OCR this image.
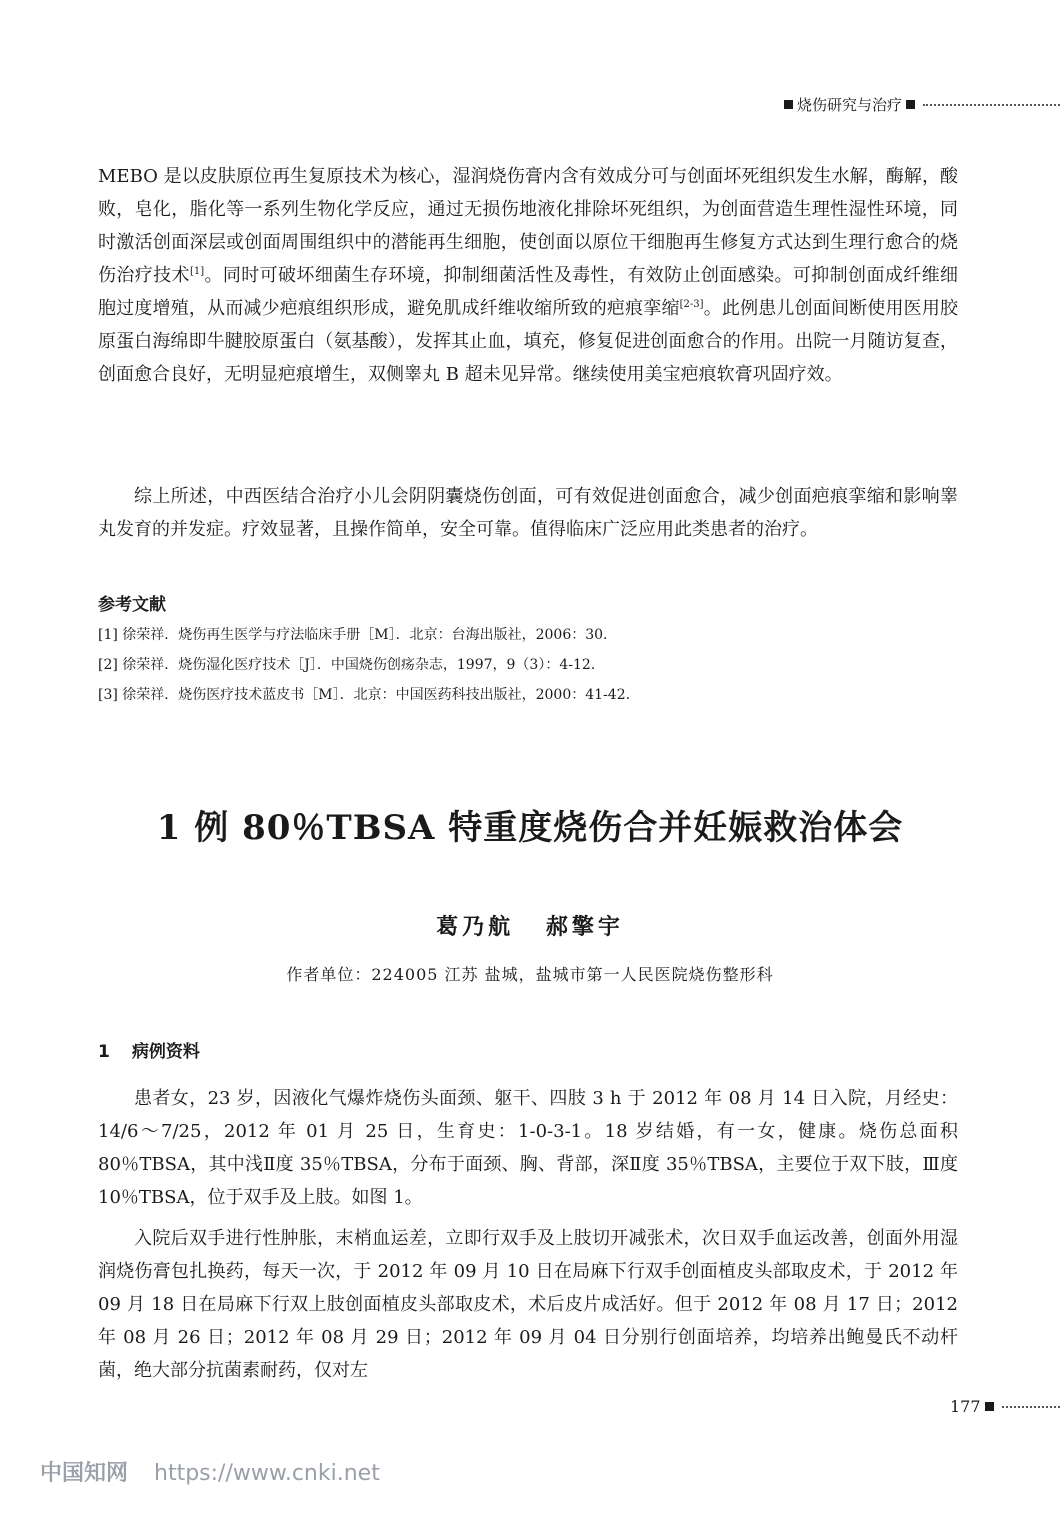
烧伤研究与治疗

MEBO 是以皮肤原位再生复原技术为核心，湿润烧伤膏内含有效成分可与创面坏死组织发生水解，酶解，酸败，皂化，脂化等一系列生物化学反应，通过无损伤地液化排除坏死组织，为创面营造生理性湿性环境，同时激活创面深层或创面周围组织中的潜能再生细胞，使创面以原位干细胞再生修复方式达到生理行愈合的烧伤治疗技术[1]。同时可破坏细菌生存环境，抑制细菌活性及毒性，有效防止创面感染。可抑制创面成纤维细胞过度增殖，从而减少疤痕组织形成，避免肌成纤维收缩所致的疤痕挛缩[2-3]。此例患儿创面间断使用医用胶原蛋白海绵即牛腱胶原蛋白（氨基酸），发挥其止血，填充，修复促进创面愈合的作用。出院一月随访复查，创面愈合良好，无明显疤痕增生，双侧睾丸 B 超未见异常。继续使用美宝疤痕软膏巩固疗效。

综上所述，中西医结合治疗小儿会阴阴囊烧伤创面，可有效促进创面愈合，减少创面疤痕挛缩和影响睾丸发育的并发症。疗效显著，且操作简单，安全可靠。值得临床广泛应用此类患者的治疗。

参考文献
[1] 徐荣祥．烧伤再生医学与疗法临床手册［M］．北京：台海出版社，2006：30.
[2] 徐荣祥．烧伤湿化医疗技术［J］．中国烧伤创疡杂志，1997，9（3）：4-12.
[3] 徐荣祥．烧伤医疗技术蓝皮书［M］．北京：中国医药科技出版社，2000：41-42.
1 例 80％TBSA 特重度烧伤合并妊娠救治体会
葛乃航 郝擎宇
作者单位：224005 江苏 盐城，盐城市第一人民医院烧伤整形科
1 病例资料

患者女，23 岁，因液化气爆炸烧伤头面颈、躯干、四肢 3 h 于 2012 年 08 月 14 日入院，月经史：14/6～7/25，2012 年 01 月 25 日，生育史：1-0-3-1。18 岁结婚，有一女，健康。烧伤总面积 80％TBSA，其中浅Ⅱ度 35％TBSA，分布于面颈、胸、背部，深Ⅱ度 35％TBSA，主要位于双下肢，Ⅲ度 10％TBSA，位于双手及上肢。如图 1。

入院后双手进行性肿胀，末梢血运差，立即行双手及上肢切开减张术，次日双手血运改善，创面外用湿润烧伤膏包扎换药，每天一次，于 2012 年 09 月 10 日在局麻下行双手创面植皮头部取皮术，于 2012 年 09 月 18 日在局麻下行双上肢创面植皮头部取皮术，术后皮片成活好。但于 2012 年 08 月 17 日；2012 年 08 月 26 日；2012 年 08 月 29 日；2012 年 09 月 04 日分别行创面培养，均培养出鲍曼氏不动杆菌，绝大部分抗菌素耐药，仅对左

177
中国知网 https://www.cnki.net
